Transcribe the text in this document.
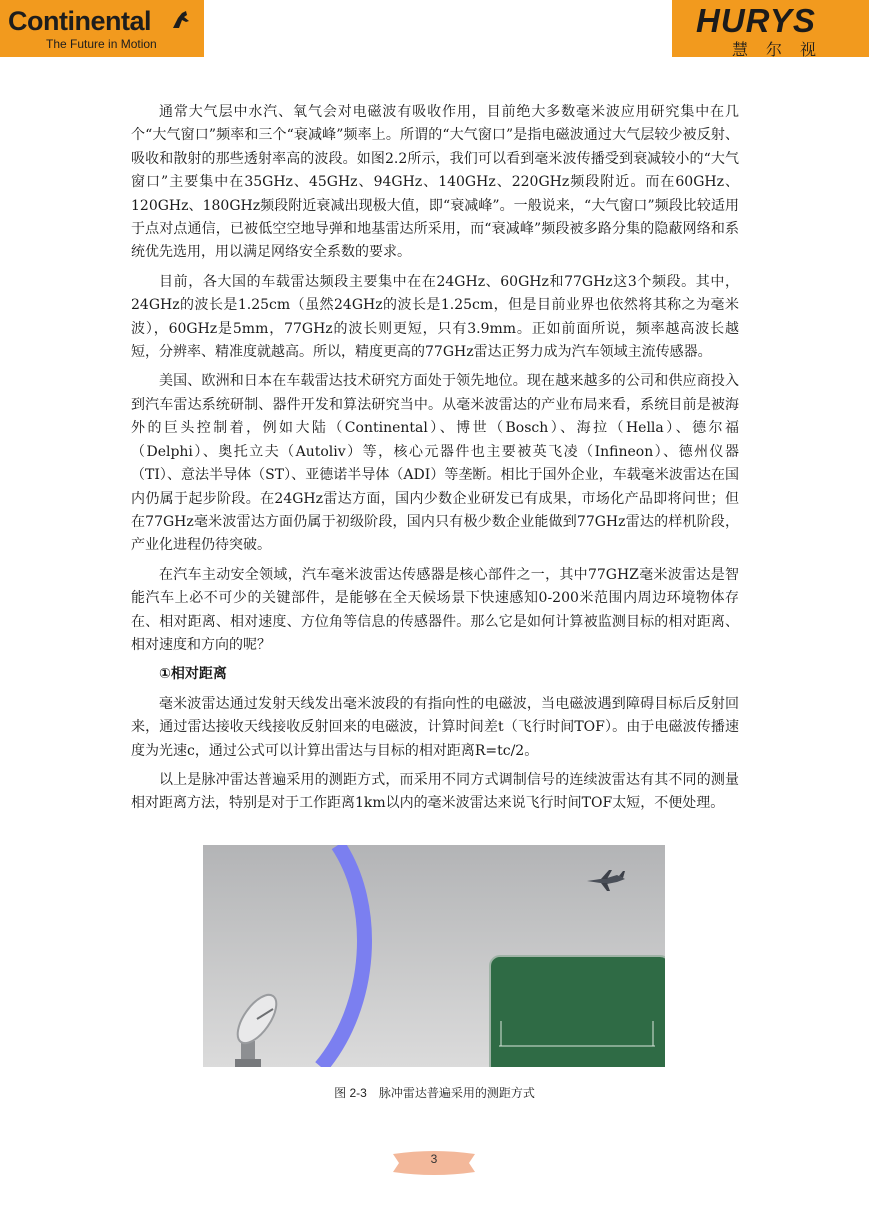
Continental
The Future in Motion
HURYS
慧尔视

通常大气层中水汽、氧气会对电磁波有吸收作用，目前绝大多数毫米波应用研究集中在几个“大气窗口”频率和三个“衰减峰”频率上。所谓的“大气窗口”是指电磁波通过大气层较少被反射、吸收和散射的那些透射率高的波段。如图2.2所示，我们可以看到毫米波传播受到衰减较小的“大气窗口”主要集中在35GHz、45GHz、94GHz、140GHz、220GHz频段附近。而在60GHz、120GHz、180GHz频段附近衰减出现极大值，即“衰减峰”。一般说来，“大气窗口”频段比较适用于点对点通信，已被低空空地导弹和地基雷达所采用，而“衰减峰”频段被多路分集的隐蔽网络和系统优先选用，用以满足网络安全系数的要求。

目前，各大国的车载雷达频段主要集中在在24GHz、60GHz和77GHz这3个频段。其中，24GHz的波长是1.25cm（虽然24GHz的波长是1.25cm，但是目前业界也依然将其称之为毫米波），60GHz是5mm，77GHz的波长则更短，只有3.9mm。正如前面所说，频率越高波长越短，分辨率、精准度就越高。所以，精度更高的77GHz雷达正努力成为汽车领域主流传感器。

美国、欧洲和日本在车载雷达技术研究方面处于领先地位。现在越来越多的公司和供应商投入到汽车雷达系统研制、器件开发和算法研究当中。从毫米波雷达的产业布局来看，系统目前是被海外的巨头控制着，例如大陆（Continental）、博世（Bosch）、海拉（Hella）、德尔福（Delphi）、奥托立夫（Autoliv）等，核心元器件也主要被英飞凌（Infineon）、德州仪器（TI）、意法半导体（ST）、亚德诺半导体（ADI）等垄断。相比于国外企业，车载毫米波雷达在国内仍属于起步阶段。在24GHz雷达方面，国内少数企业研发已有成果，市场化产品即将问世；但在77GHz毫米波雷达方面仍属于初级阶段，国内只有极少数企业能做到77GHz雷达的样机阶段，产业化进程仍待突破。

在汽车主动安全领域，汽车毫米波雷达传感器是核心部件之一，其中77GHZ毫米波雷达是智能汽车上必不可少的关键部件，是能够在全天候场景下快速感知0-200米范围内周边环境物体存在、相对距离、相对速度、方位角等信息的传感器件。那么它是如何计算被监测目标的相对距离、相对速度和方向的呢？

①相对距离

毫米波雷达通过发射天线发出毫米波段的有指向性的电磁波，当电磁波遇到障碍目标后反射回来，通过雷达接收天线接收反射回来的电磁波，计算时间差t（飞行时间TOF）。由于电磁波传播速度为光速c，通过公式可以计算出雷达与目标的相对距离R=tc/2。

以上是脉冲雷达普遍采用的测距方式，而采用不同方式调制信号的连续波雷达有其不同的测量相对距离方法，特别是对于工作距离1km以内的毫米波雷达来说飞行时间TOF太短，不便处理。

图 2-3　脉冲雷达普遍采用的测距方式
3
